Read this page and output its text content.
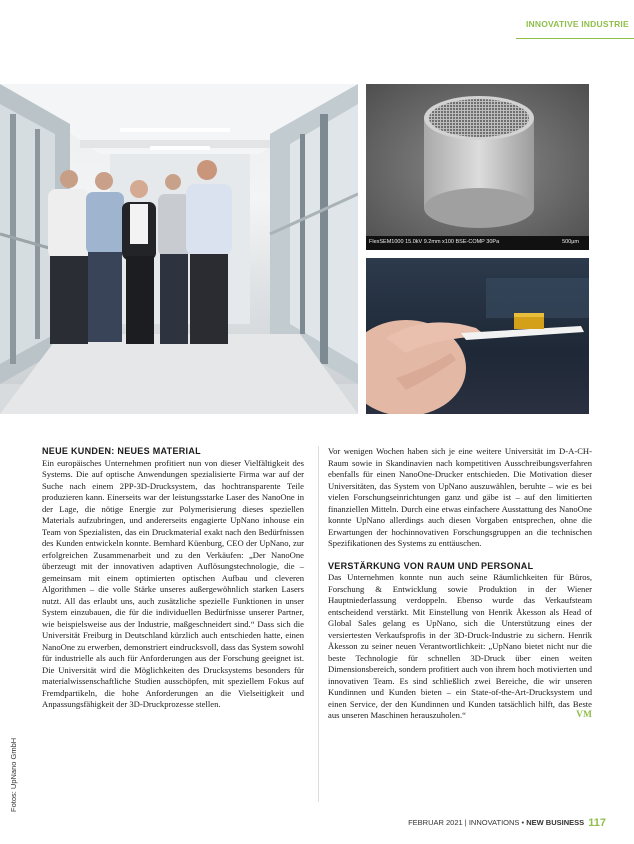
INNOVATIVE INDUSTRIE
FlexSEM1000 15.0kV 9.2mm x100 BSE-COMP 30Pa	500µm
NEUE KUNDEN: NEUES MATERIAL

Ein europäisches Unternehmen profitiert nun von dieser Vielfältigkeit des Systems. Die auf optische Anwendungen spezialisierte Firma war auf der Suche nach einem 2PP-3D-Drucksystem, das hochtransparente Teile produzieren kann. Einerseits war der leistungsstarke Laser des NanoOne in der Lage, die nötige Energie zur Polymerisierung dieses speziellen Materials aufzubringen, und andererseits engagierte UpNano inhouse ein Team von Spezialisten, das ein Druckmaterial exakt nach den Bedürfnissen des Kunden entwickeln konnte. Bernhard Küenburg, CEO der UpNano, zur erfolgreichen Zusammenarbeit und zu den Verkäufen: „Der NanoOne überzeugt mit der innovativen adaptiven Auflösungstechnologie, die – gemeinsam mit einem optimierten optischen Aufbau und cleveren Algorithmen – die volle Stärke unseres außergewöhnlich starken Lasers nutzt. All das erlaubt uns, auch zusätzliche spezielle Funktionen in unser System einzubauen, die für die individuellen Bedürfnisse unserer Partner, wie beispielsweise aus der Industrie, maßgeschneidert sind.“ Dass sich die Universität Freiburg in Deutschland kürzlich auch entschieden hatte, einen NanoOne zu erwerben, demonstriert eindrucksvoll, dass das System sowohl für industrielle als auch für Anforderungen aus der Forschung geeignet ist. Die Universität wird die Möglichkeiten des Drucksystems besonders für materialwissenschaftliche Studien ausschöpfen, mit speziellem Fokus auf Fremdpartikeln, die hohe Anforderungen an die Vielseitigkeit und Anpassungsfähigkeit der 3D-Druckprozesse stellen.

Vor wenigen Wochen haben sich je eine weitere Universität im D-A-CH-Raum sowie in Skandinavien nach kompetitiven Ausschreibungsverfahren ebenfalls für einen NanoOne-Drucker entschieden. Die Motivation dieser Universitäten, das System von UpNano auszuwählen, beruhte – wie es bei vielen Forschungseinrichtungen ganz und gäbe ist – auf den limitierten finanziellen Mitteln. Durch eine etwas einfachere Ausstattung des NanoOne konnte UpNano allerdings auch diesen Vorgaben entsprechen, ohne die Erwartungen der hochinnovativen Forschungsgruppen an die technischen Spezifikationen des Systems zu enttäuschen.

VERSTÄRKUNG VON RAUM UND PERSONAL

Das Unternehmen konnte nun auch seine Räumlichkeiten für Büros, Forschung & Entwicklung sowie Produktion in der Wiener Hauptniederlassung verdoppeln. Ebenso wurde das Verkaufsteam entscheidend verstärkt. Mit Einstellung von Henrik Åkesson als Head of Global Sales gelang es UpNano, sich die Unterstützung eines der versiertesten Verkaufsprofis in der 3D-Druck-Industrie zu sichern. Henrik Åkesson zu seiner neuen Verantwortlichkeit: „UpNano bietet nicht nur die beste Technologie für schnellen 3D-Druck über einen weiten Dimensionsbereich, sondern profitiert auch von ihrem hoch motivierten und innovativen Team. Es sind schließlich zwei Bereiche, die wir unseren Kundinnen und Kunden bieten – ein State-of-the-Art-Drucksystem und einen Service, der den Kundinnen und Kunden tatsächlich hilft, das Beste aus unseren Maschinen herauszuholen.“	VM

Fotos: UpNano GmbH
FEBRUAR 2021 | INNOVATIONS • NEW BUSINESS 117
